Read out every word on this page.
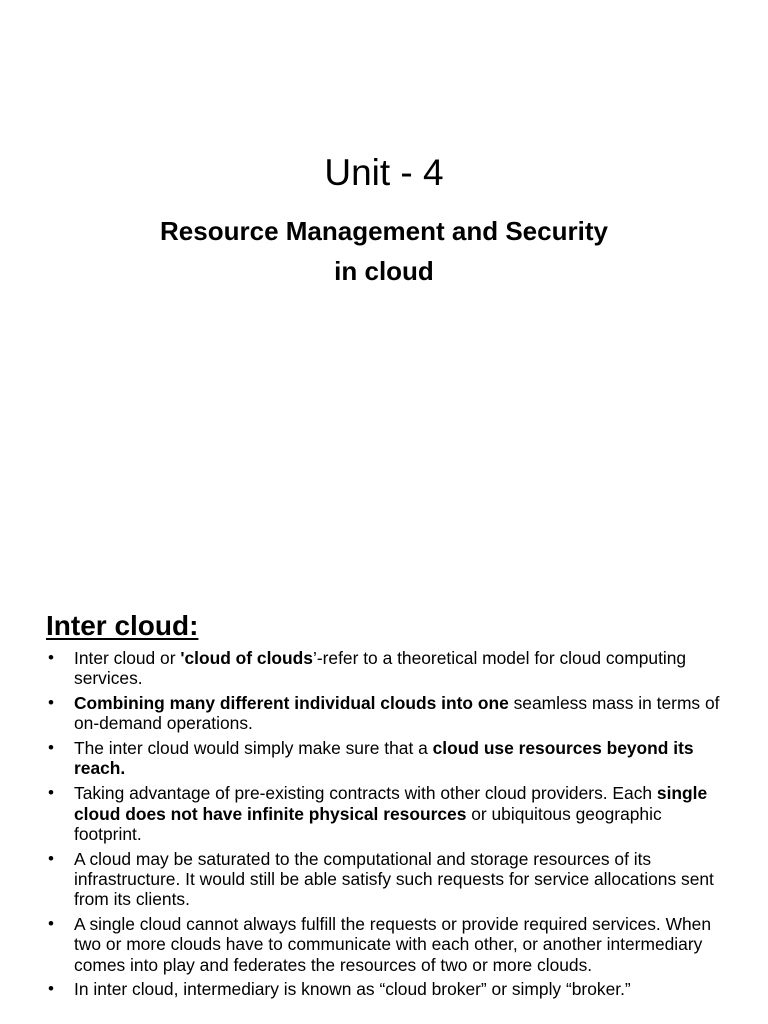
Unit - 4
Resource Management and Security
in cloud
Inter cloud:
• Inter cloud or 'cloud of clouds’-refer to a theoretical model for cloud computing services.
• Combining many different individual clouds into one seamless mass in terms of on-demand operations.
• The inter cloud would simply make sure that a cloud use resources beyond its reach.
• Taking advantage of pre-existing contracts with other cloud providers. Each single cloud does not have infinite physical resources or ubiquitous geographic footprint.
• A cloud may be saturated to the computational and storage resources of its infrastructure. It would still be able satisfy such requests for service allocations sent from its clients.
• A single cloud cannot always fulfill the requests or provide required services. When two or more clouds have to communicate with each other, or another intermediary comes into play and federates the resources of two or more clouds.
• In inter cloud, intermediary is known as “cloud broker” or simply “broker.”
